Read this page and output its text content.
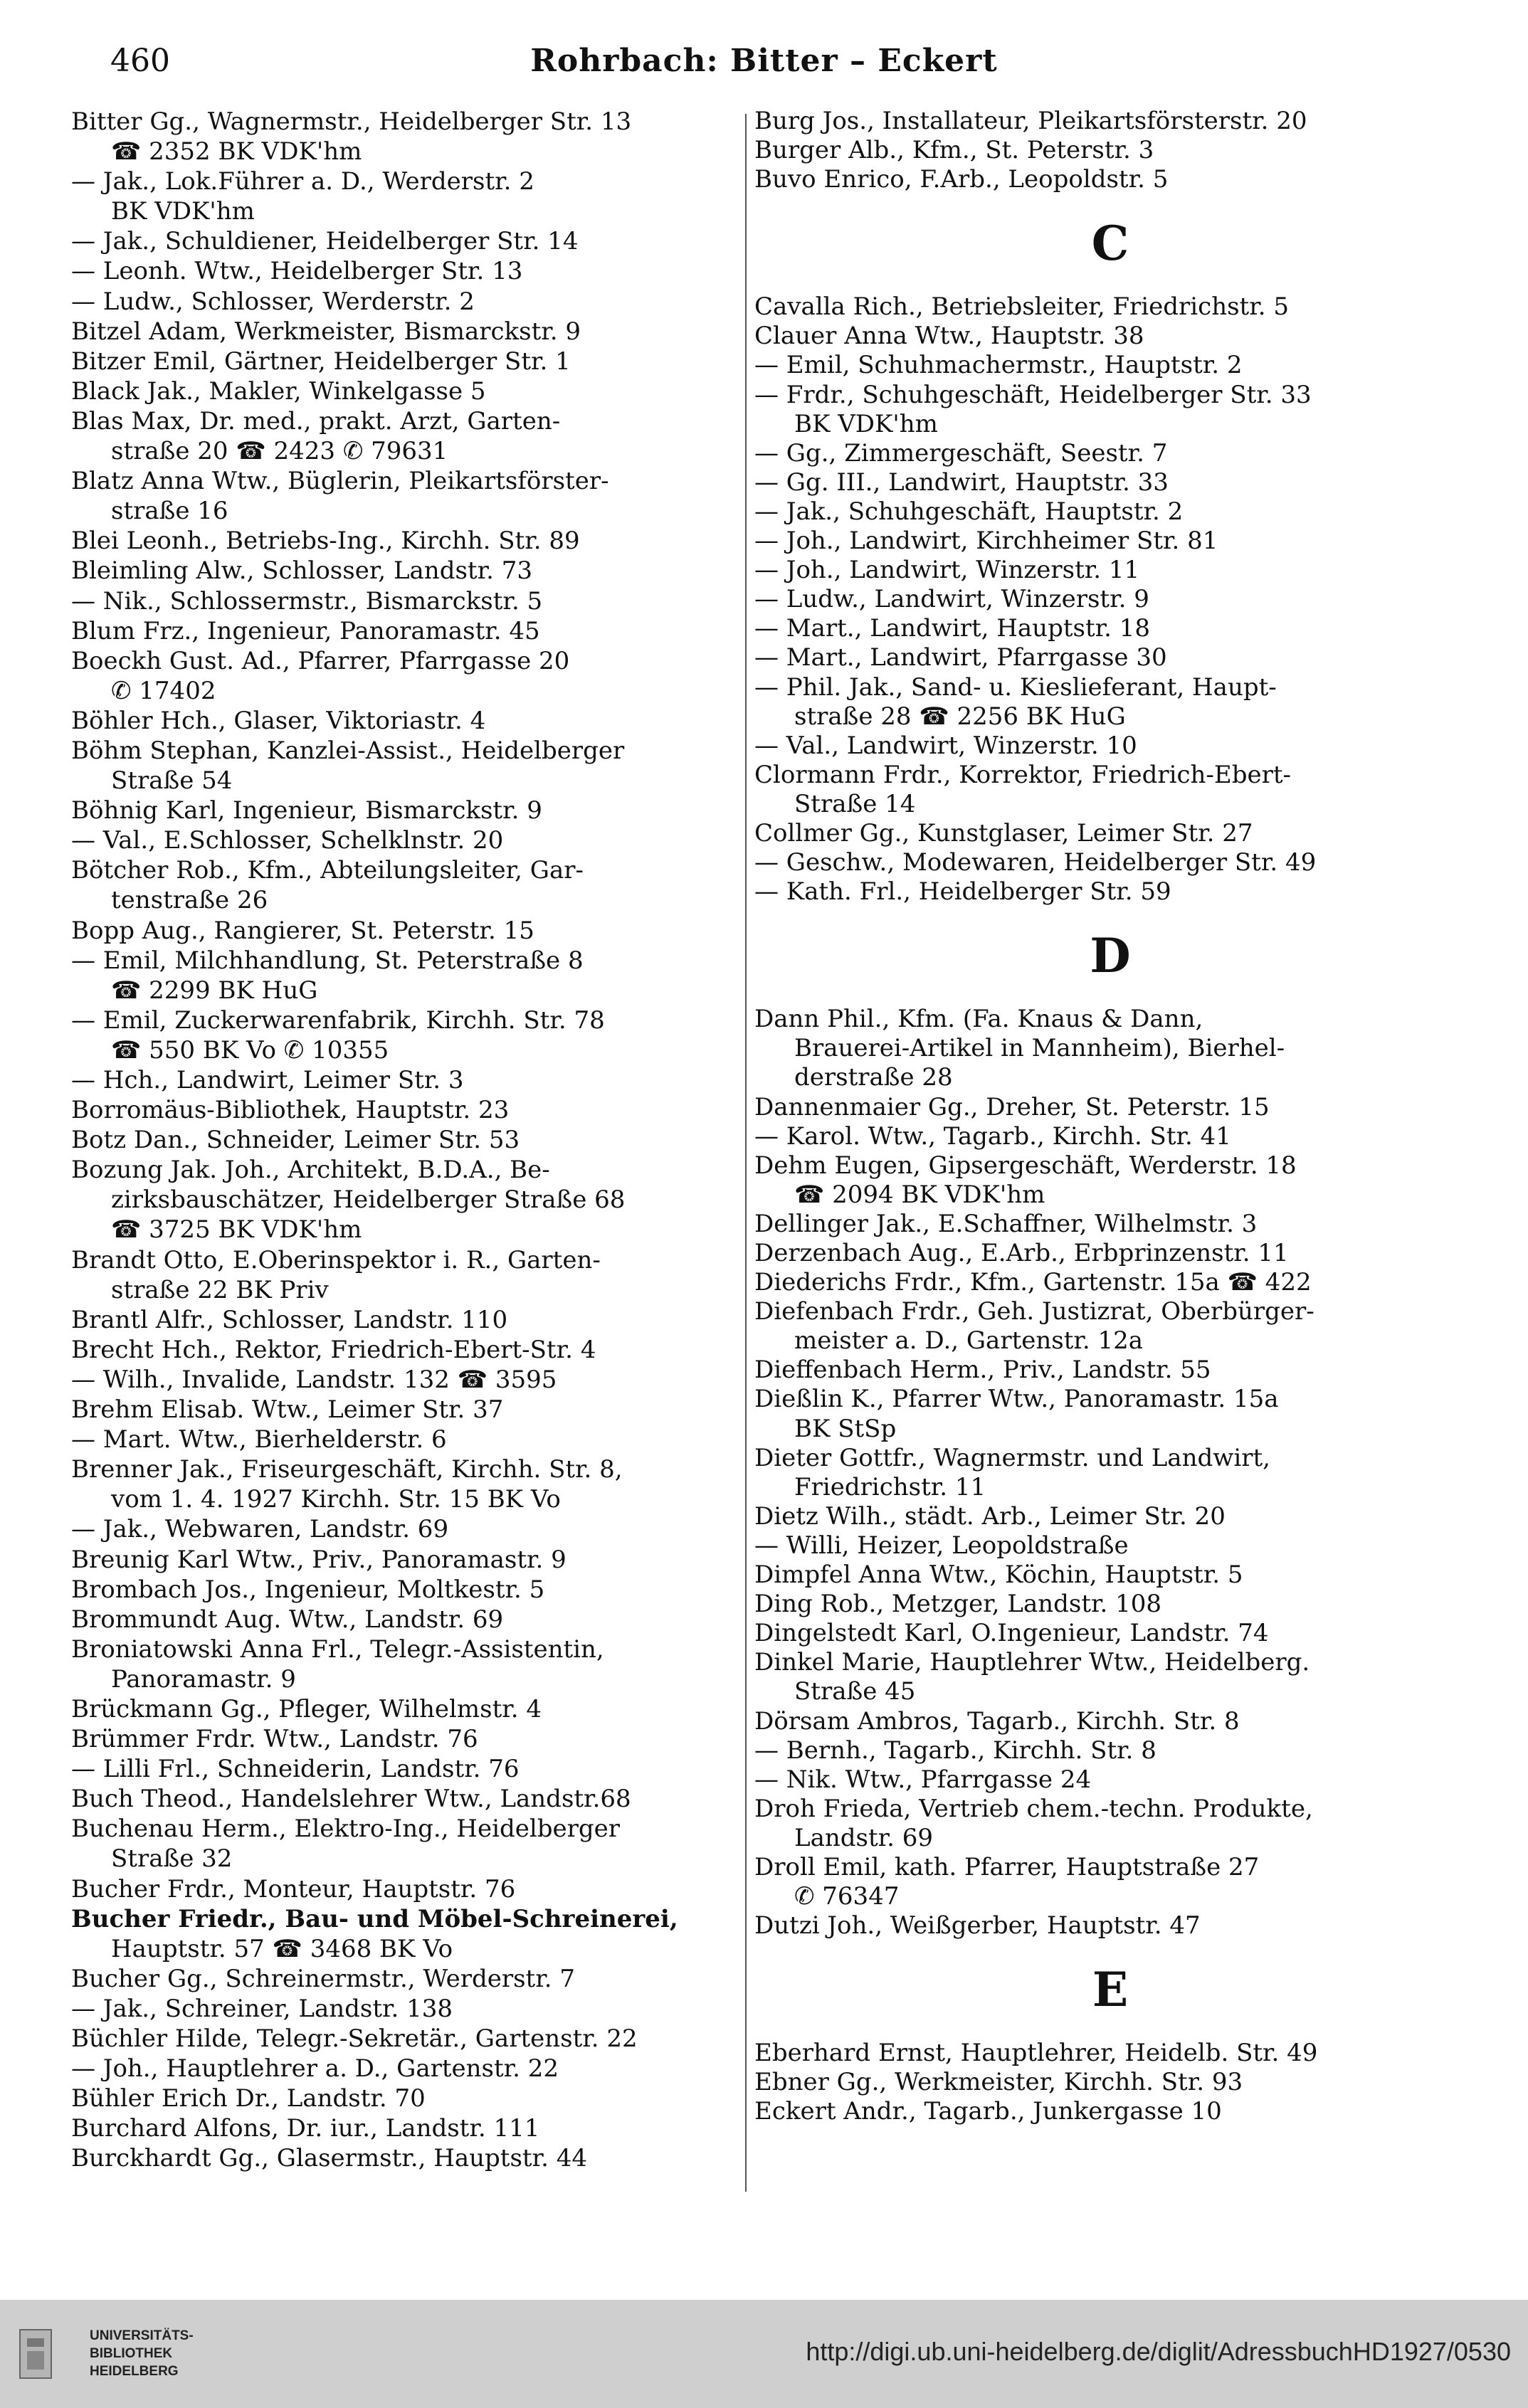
460	Rohrbach: Bitter – Eckert

Bitter Gg., Wagnermstr., Heidelberger Str. 13

☎ 2352 BK VDK'hm

— Jak., Lok.Führer a. D., Werderstr. 2

BK VDK'hm

— Jak., Schuldiener, Heidelberger Str. 14

— Leonh. Wtw., Heidelberger Str. 13

— Ludw., Schlosser, Werderstr. 2

Bitzel Adam, Werkmeister, Bismarckstr. 9

Bitzer Emil, Gärtner, Heidelberger Str. 1

Black Jak., Makler, Winkelgasse 5

Blas Max, Dr. med., prakt. Arzt, Garten-

straße 20 ☎ 2423 ✆ 79631

Blatz Anna Wtw., Büglerin, Pleikartsförster-

straße 16

Blei Leonh., Betriebs-Ing., Kirchh. Str. 89

Bleimling Alw., Schlosser, Landstr. 73

— Nik., Schlossermstr., Bismarckstr. 5

Blum Frz., Ingenieur, Panoramastr. 45

Boeckh Gust. Ad., Pfarrer, Pfarrgasse 20

✆ 17402

Böhler Hch., Glaser, Viktoriastr. 4

Böhm Stephan, Kanzlei-Assist., Heidelberger

Straße 54

Böhnig Karl, Ingenieur, Bismarckstr. 9

— Val., E.Schlosser, Schelklnstr. 20

Bötcher Rob., Kfm., Abteilungsleiter, Gar-

tenstraße 26

Bopp Aug., Rangierer, St. Peterstr. 15

— Emil, Milchhandlung, St. Peterstraße 8

☎ 2299 BK HuG

— Emil, Zuckerwarenfabrik, Kirchh. Str. 78

☎ 550 BK Vo ✆ 10355

— Hch., Landwirt, Leimer Str. 3

Borromäus-Bibliothek, Hauptstr. 23

Botz Dan., Schneider, Leimer Str. 53

Bozung Jak. Joh., Architekt, B.D.A., Be-

zirksbauschätzer, Heidelberger Straße 68

☎ 3725 BK VDK'hm

Brandt Otto, E.Oberinspektor i. R., Garten-

straße 22 BK Priv

Brantl Alfr., Schlosser, Landstr. 110

Brecht Hch., Rektor, Friedrich-Ebert-Str. 4

— Wilh., Invalide, Landstr. 132 ☎ 3595

Brehm Elisab. Wtw., Leimer Str. 37

— Mart. Wtw., Bierhelderstr. 6

Brenner Jak., Friseurgeschäft, Kirchh. Str. 8,

vom 1. 4. 1927 Kirchh. Str. 15 BK Vo

— Jak., Webwaren, Landstr. 69

Breunig Karl Wtw., Priv., Panoramastr. 9

Brombach Jos., Ingenieur, Moltkestr. 5

Brommundt Aug. Wtw., Landstr. 69

Broniatowski Anna Frl., Telegr.-Assistentin,

Panoramastr. 9

Brückmann Gg., Pfleger, Wilhelmstr. 4

Brümmer Frdr. Wtw., Landstr. 76

— Lilli Frl., Schneiderin, Landstr. 76

Buch Theod., Handelslehrer Wtw., Landstr.68

Buchenau Herm., Elektro-Ing., Heidelberger

Straße 32

Bucher Frdr., Monteur, Hauptstr. 76

Bucher Friedr., Bau- und Möbel-Schreinerei,

Hauptstr. 57 ☎ 3468 BK Vo

Bucher Gg., Schreinermstr., Werderstr. 7

— Jak., Schreiner, Landstr. 138

Büchler Hilde, Telegr.-Sekretär., Gartenstr. 22

— Joh., Hauptlehrer a. D., Gartenstr. 22

Bühler Erich Dr., Landstr. 70

Burchard Alfons, Dr. iur., Landstr. 111

Burckhardt Gg., Glasermstr., Hauptstr. 44

Burg Jos., Installateur, Pleikartsförsterstr. 20

Burger Alb., Kfm., St. Peterstr. 3

Buvo Enrico, F.Arb., Leopoldstr. 5

C

Cavalla Rich., Betriebsleiter, Friedrichstr. 5

Clauer Anna Wtw., Hauptstr. 38

— Emil, Schuhmachermstr., Hauptstr. 2

— Frdr., Schuhgeschäft, Heidelberger Str. 33

BK VDK'hm

— Gg., Zimmergeschäft, Seestr. 7

— Gg. III., Landwirt, Hauptstr. 33

— Jak., Schuhgeschäft, Hauptstr. 2

— Joh., Landwirt, Kirchheimer Str. 81

— Joh., Landwirt, Winzerstr. 11

— Ludw., Landwirt, Winzerstr. 9

— Mart., Landwirt, Hauptstr. 18

— Mart., Landwirt, Pfarrgasse 30

— Phil. Jak., Sand- u. Kieslieferant, Haupt-

straße 28 ☎ 2256 BK HuG

— Val., Landwirt, Winzerstr. 10

Clormann Frdr., Korrektor, Friedrich-Ebert-

Straße 14

Collmer Gg., Kunstglaser, Leimer Str. 27

— Geschw., Modewaren, Heidelberger Str. 49

— Kath. Frl., Heidelberger Str. 59

D

Dann Phil., Kfm. (Fa. Knaus & Dann,

Brauerei-Artikel in Mannheim), Bierhel-

derstraße 28

Dannenmaier Gg., Dreher, St. Peterstr. 15

— Karol. Wtw., Tagarb., Kirchh. Str. 41

Dehm Eugen, Gipsergeschäft, Werderstr. 18

☎ 2094 BK VDK'hm

Dellinger Jak., E.Schaffner, Wilhelmstr. 3

Derzenbach Aug., E.Arb., Erbprinzenstr. 11

Diederichs Frdr., Kfm., Gartenstr. 15a ☎ 422

Diefenbach Frdr., Geh. Justizrat, Oberbürger-

meister a. D., Gartenstr. 12a

Dieffenbach Herm., Priv., Landstr. 55

Dießlin K., Pfarrer Wtw., Panoramastr. 15a

BK StSp

Dieter Gottfr., Wagnermstr. und Landwirt,

Friedrichstr. 11

Dietz Wilh., städt. Arb., Leimer Str. 20

— Willi, Heizer, Leopoldstraße

Dimpfel Anna Wtw., Köchin, Hauptstr. 5

Ding Rob., Metzger, Landstr. 108

Dingelstedt Karl, O.Ingenieur, Landstr. 74

Dinkel Marie, Hauptlehrer Wtw., Heidelberg.

Straße 45

Dörsam Ambros, Tagarb., Kirchh. Str. 8

— Bernh., Tagarb., Kirchh. Str. 8

— Nik. Wtw., Pfarrgasse 24

Droh Frieda, Vertrieb chem.-techn. Produkte,

Landstr. 69

Droll Emil, kath. Pfarrer, Hauptstraße 27

✆ 76347

Dutzi Joh., Weißgerber, Hauptstr. 47

E

Eberhard Ernst, Hauptlehrer, Heidelb. Str. 49

Ebner Gg., Werkmeister, Kirchh. Str. 93

Eckert Andr., Tagarb., Junkergasse 10

UNIVERSITÄTS-
BIBLIOTHEK
HEIDELBERG
http://digi.ub.uni-heidelberg.de/diglit/AdressbuchHD1927/0530
